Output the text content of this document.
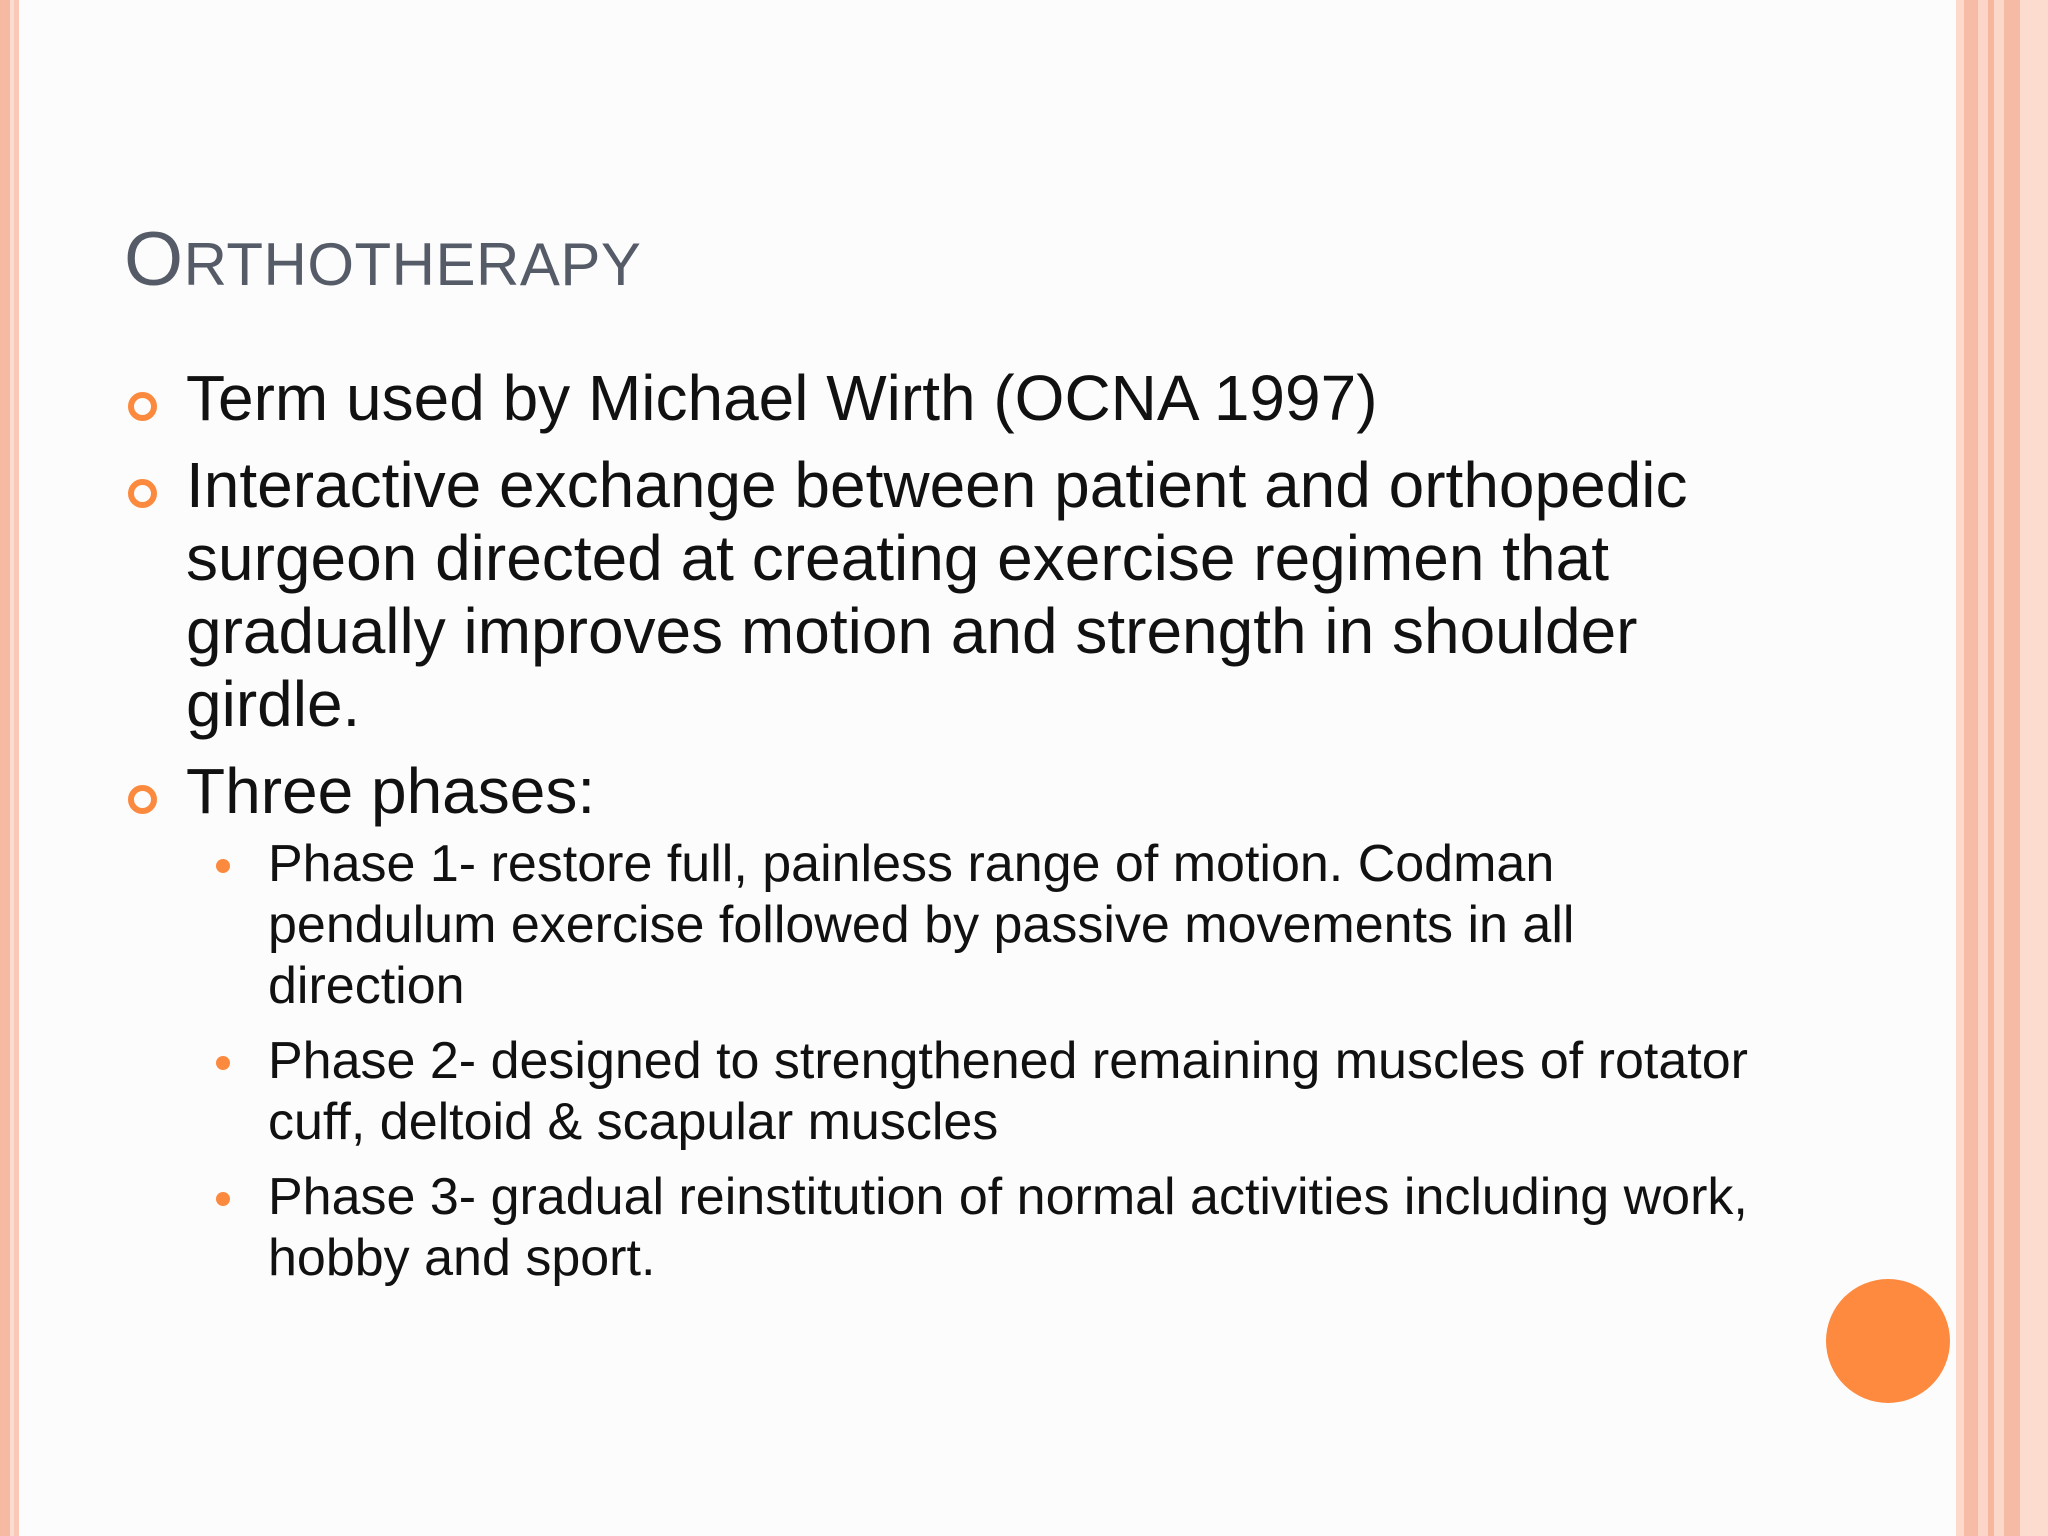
ORTHOTHERAPY
Term used by Michael Wirth (OCNA 1997)
Interactive exchange between patient and orthopedic surgeon directed at creating exercise regimen that gradually improves motion and strength in shoulder girdle.
Three phases:
Phase 1- restore full, painless range of motion. Codman pendulum exercise followed by passive movements in all direction
Phase 2- designed to strengthened remaining muscles of rotator cuff, deltoid & scapular muscles
Phase 3- gradual reinstitution of normal activities including work, hobby and sport.
